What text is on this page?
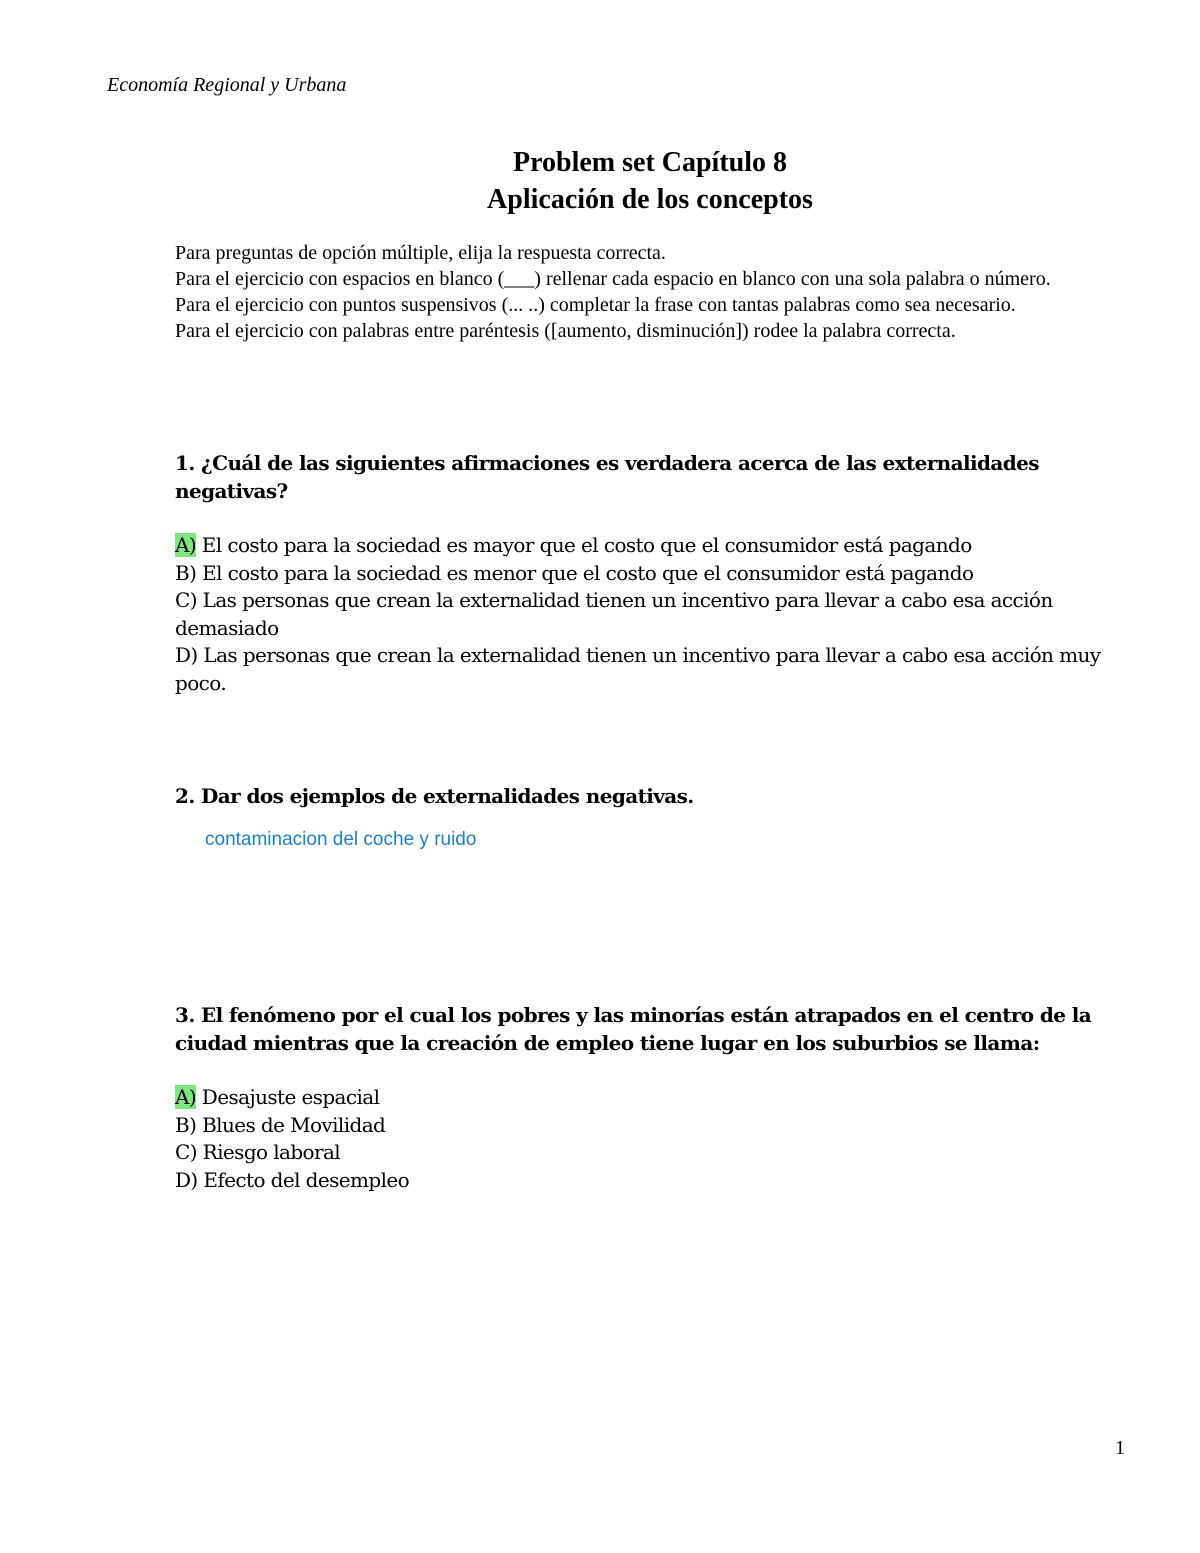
Economía Regional y Urbana
Problem set Capítulo 8
Aplicación de los conceptos
Para preguntas de opción múltiple, elija la respuesta correcta.
Para el ejercicio con espacios en blanco (___) rellenar cada espacio en blanco con una sola palabra o número.
Para el ejercicio con puntos suspensivos (... ..) completar la frase con tantas palabras como sea necesario.
Para el ejercicio con palabras entre paréntesis ([aumento, disminución]) rodee la palabra correcta.
1. ¿Cuál de las siguientes afirmaciones es verdadera acerca de las externalidades negativas?
A) El costo para la sociedad es mayor que el costo que el consumidor está pagando
B) El costo para la sociedad es menor que el costo que el consumidor está pagando
C) Las personas que crean la externalidad tienen un incentivo para llevar a cabo esa acción demasiado
D) Las personas que crean la externalidad tienen un incentivo para llevar a cabo esa acción muy poco.
2. Dar dos ejemplos de externalidades negativas.
contaminacion del coche y ruido
3. El fenómeno por el cual los pobres y las minorías están atrapados en el centro de la ciudad mientras que la creación de empleo tiene lugar en los suburbios se llama:
A) Desajuste espacial
B) Blues de Movilidad
C) Riesgo laboral
D) Efecto del desempleo
1
